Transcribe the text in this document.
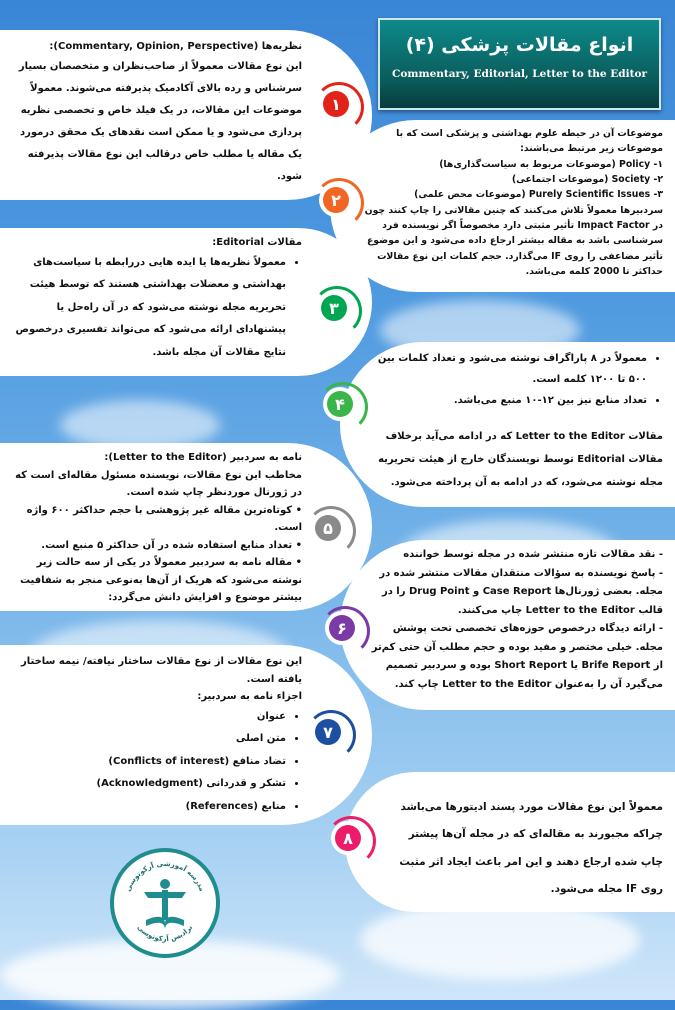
انواع مقالات پزشکی (۴)
Commentary, Editorial, Letter to the Editor

نظریه‌ها (Commentary, Opinion, Perspective):

این نوع مقالات معمولاً از صاحب‌نظران و متخصصان بسیار سرشناس و رده بالای آکادمیک پذیرفته می‌شوند. معمولاً موضوعات این مقالات، در یک فیلد خاص و تخصصی نظریه پردازی می‌شود و یا ممکن است نقدهای یک محقق درمورد یک مقاله یا مطلب خاص درقالب این نوع مقالات پذیرفته شود.

موضوعات آن در حیطه علوم بهداشتی و پزشکی است که با موضوعات زیر مرتبط می‌باشند:

۱- Policy (موضوعات مربوط به سیاست‌گذاری‌ها)

۲- Society (موضوعات اجتماعی)

۳- Purely Scientific Issues (موضوعات محض علمی)

سردبیرها معمولاً تلاش می‌کنند که چنین مقالاتی را چاپ کنند چون در Impact Factor تأثیر مثبتی دارد مخصوصاً اگر نویسنده فرد سرشناسی باشد به مقاله بیشتر ارجاع داده می‌شود و این موضوع تأثیر مضاعفی را روی IF می‌گذارد. حجم کلمات این نوع مقالات حداکثر تا 2000 کلمه می‌باشد.

مقالات Editorial:

• معمولاً نظریه‌ها یا ایده هایی دررابطه با سیاست‌های بهداشتی و معضلات بهداشتی هستند که توسط هیئت تحریریه مجله نوشته می‌شود که در آن راه‌حل یا پیشنهادای ارائه می‌شود که می‌تواند تفسیری درخصوص نتایج مقالات آن مجله باشد.
• معمولاً در ۸ پاراگراف نوشته می‌شود و تعداد کلمات بین ۵۰۰ تا ۱۲۰۰ کلمه است.
• تعداد منابع نیز بین ۱۲-۱۰ منبع می‌باشد.

مقالات Letter to the Editor که در ادامه می‌آید برخلاف مقالات Editorial توسط نویسندگان خارج از هیئت تحریریه مجله نوشته می‌شود، که در ادامه به آن پرداخته می‌شود.

نامه به سردبیر (Letter to the Editor):

مخاطب این نوع مقالات، نویسنده مسئول مقاله‌ای است که در ژورنال موردنظر چاپ شده است.

• کوتاه‌ترین مقاله غیر پژوهشی با حجم حداکثر ۶۰۰ واژه است.
• تعداد منابع استفاده شده در آن حداکثر ۵ منبع است.
• مقاله نامه به سردبیر معمولاً در یکی از سه حالت زیر نوشته می‌شود که هریک از آن‌ها به‌نوعی منجر به شفافیت بیشتر موضوع و افزایش دانش می‌گردد:

- نقد مقالات تازه منتشر شده در مجله توسط خواننده

- پاسخ نویسنده به سؤالات منتقدان مقالات منتشر شده در مجله. بعضی ژورنال‌ها Case Report و Drug Point را در قالب Letter to the Editor چاپ می‌کنند.

- ارائه دیدگاه درخصوص حوزه‌های تخصصی تحت پوشش مجله. خیلی مختصر و مفید بوده و حجم مطلب آن حتی کم‌تر از Brife Report یا Short Report بوده و سردبیر تصمیم می‌گیرد آن را به‌عنوان Letter to the Editor چاپ کند.

این نوع مقالات از نوع مقالات ساختار نیافته/ نیمه ساختار یافته است.

اجزاء نامه به سردبیر:

• عنوان
• متن اصلی
• تضاد منافع (Conflicts of interest)
• تشکر و قدردانی (Acknowledgment)
• منابع (References)	معمولاً این نوع مقالات مورد پسند ادیتورها می‌باشد چراکه مجبورند به مقاله‌ای که در مجله آن‌ها پیشتر چاپ شده ارجاع دهند و این امر باعث ایجاد اثر مثبت روی IF مجله می‌شود.

۱
۲
۳
۴
۵
۶
۷
۸
مدرسه آموزشی آرکوتوسی
نرادیس آرکوتوسی
